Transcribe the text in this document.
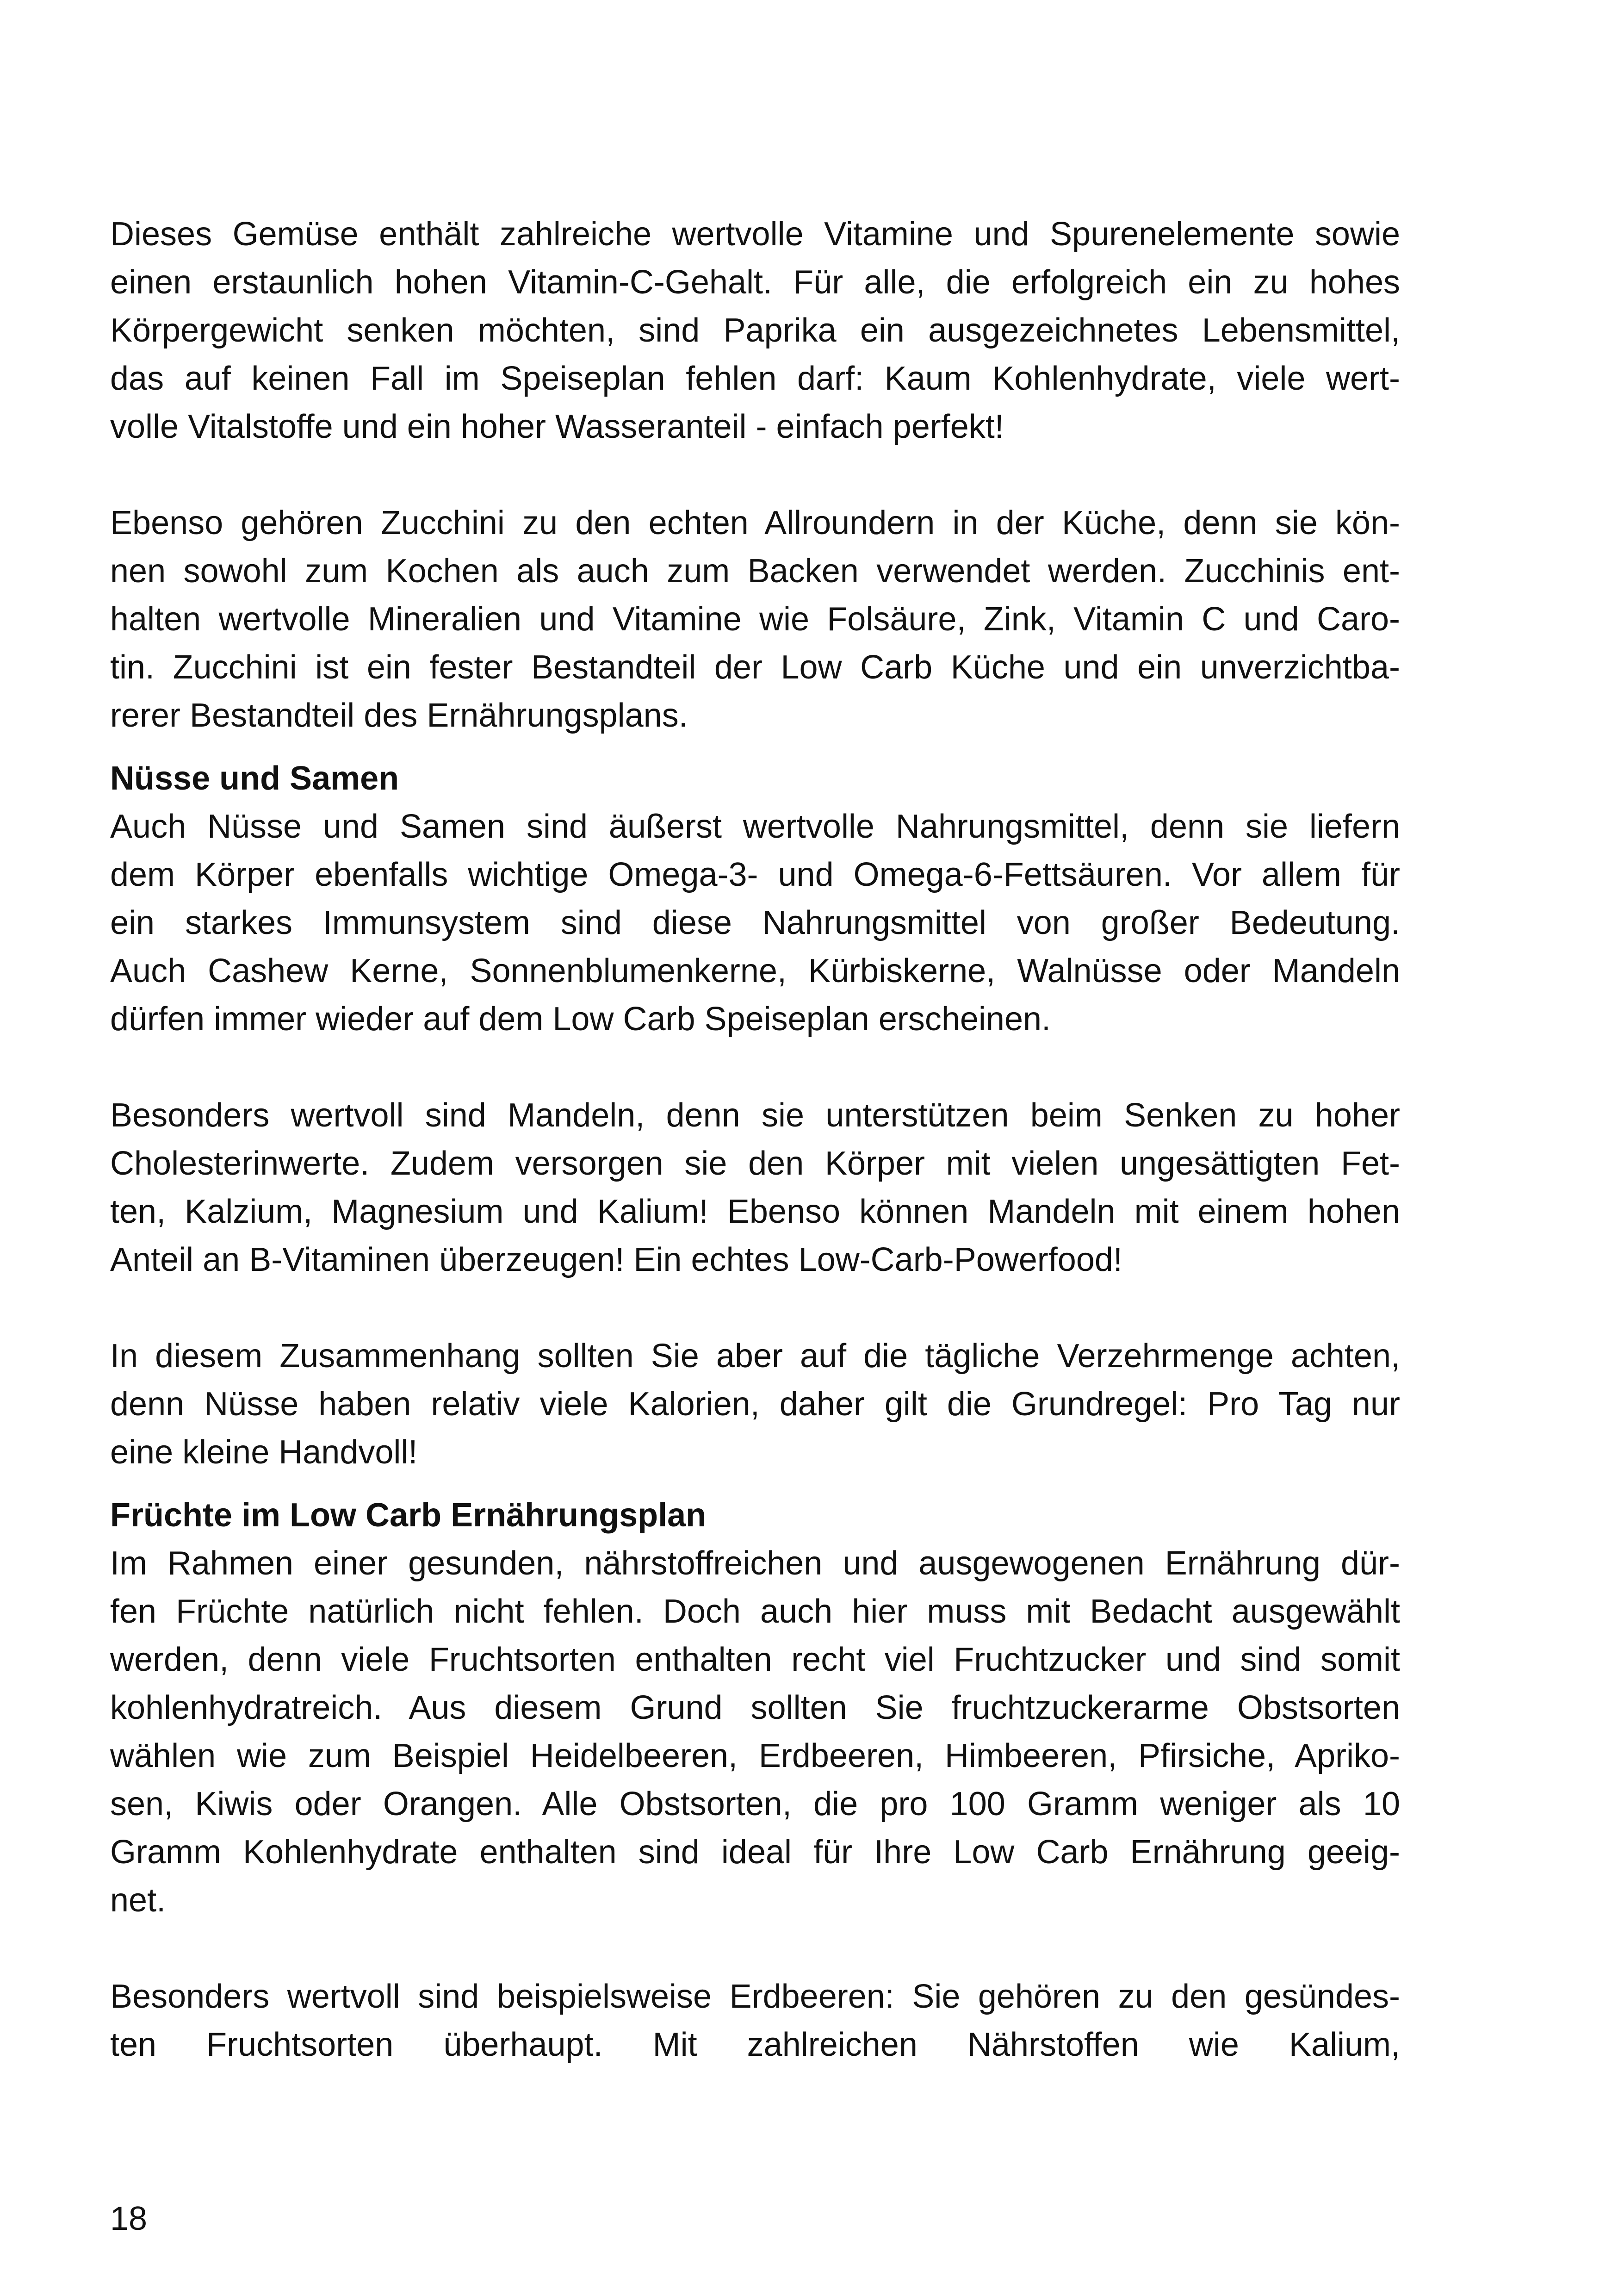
Dieses Gemüse enthält zahlreiche wertvolle Vitamine und Spurenelemente sowie
einen erstaunlich hohen Vitamin-C-Gehalt. Für alle, die erfolgreich ein zu hohes
Körpergewicht senken möchten, sind Paprika ein ausgezeichnetes Lebensmittel,
das auf keinen Fall im Speiseplan fehlen darf: Kaum Kohlenhydrate, viele wert-
volle Vitalstoffe und ein hoher Wasseranteil - einfach perfekt!
Ebenso gehören Zucchini zu den echten Allroundern in der Küche, denn sie kön-
nen sowohl zum Kochen als auch zum Backen verwendet werden. Zucchinis ent-
halten wertvolle Mineralien und Vitamine wie Folsäure, Zink, Vitamin C und Caro-
tin. Zucchini ist ein fester Bestandteil der Low Carb Küche und ein unverzichtba-
rerer Bestandteil des Ernährungsplans.
Nüsse und Samen
Auch Nüsse und Samen sind äußerst wertvolle Nahrungsmittel, denn sie liefern
dem Körper ebenfalls wichtige Omega-3- und Omega-6-Fettsäuren. Vor allem für
ein starkes Immunsystem sind diese Nahrungsmittel von großer Bedeutung.
Auch Cashew Kerne, Sonnenblumenkerne, Kürbiskerne, Walnüsse oder Mandeln
dürfen immer wieder auf dem Low Carb Speiseplan erscheinen.
Besonders wertvoll sind Mandeln, denn sie unterstützen beim Senken zu hoher
Cholesterinwerte. Zudem versorgen sie den Körper mit vielen ungesättigten Fet-
ten, Kalzium, Magnesium und Kalium! Ebenso können Mandeln mit einem hohen
Anteil an B-Vitaminen überzeugen! Ein echtes Low-Carb-Powerfood!
In diesem Zusammenhang sollten Sie aber auf die tägliche Verzehrmenge achten,
denn Nüsse haben relativ viele Kalorien, daher gilt die Grundregel: Pro Tag nur
eine kleine Handvoll!
Früchte im Low Carb Ernährungsplan
Im Rahmen einer gesunden, nährstoffreichen und ausgewogenen Ernährung dür-
fen Früchte natürlich nicht fehlen. Doch auch hier muss mit Bedacht ausgewählt
werden, denn viele Fruchtsorten enthalten recht viel Fruchtzucker und sind somit
kohlenhydratreich. Aus diesem Grund sollten Sie fruchtzuckerarme Obstsorten
wählen wie zum Beispiel Heidelbeeren, Erdbeeren, Himbeeren, Pfirsiche, Apriko-
sen, Kiwis oder Orangen. Alle Obstsorten, die pro 100 Gramm weniger als 10
Gramm Kohlenhydrate enthalten sind ideal für Ihre Low Carb Ernährung geeig-
net.
Besonders wertvoll sind beispielsweise Erdbeeren: Sie gehören zu den gesündes-
ten Fruchtsorten überhaupt. Mit zahlreichen Nährstoffen wie Kalium,
18
